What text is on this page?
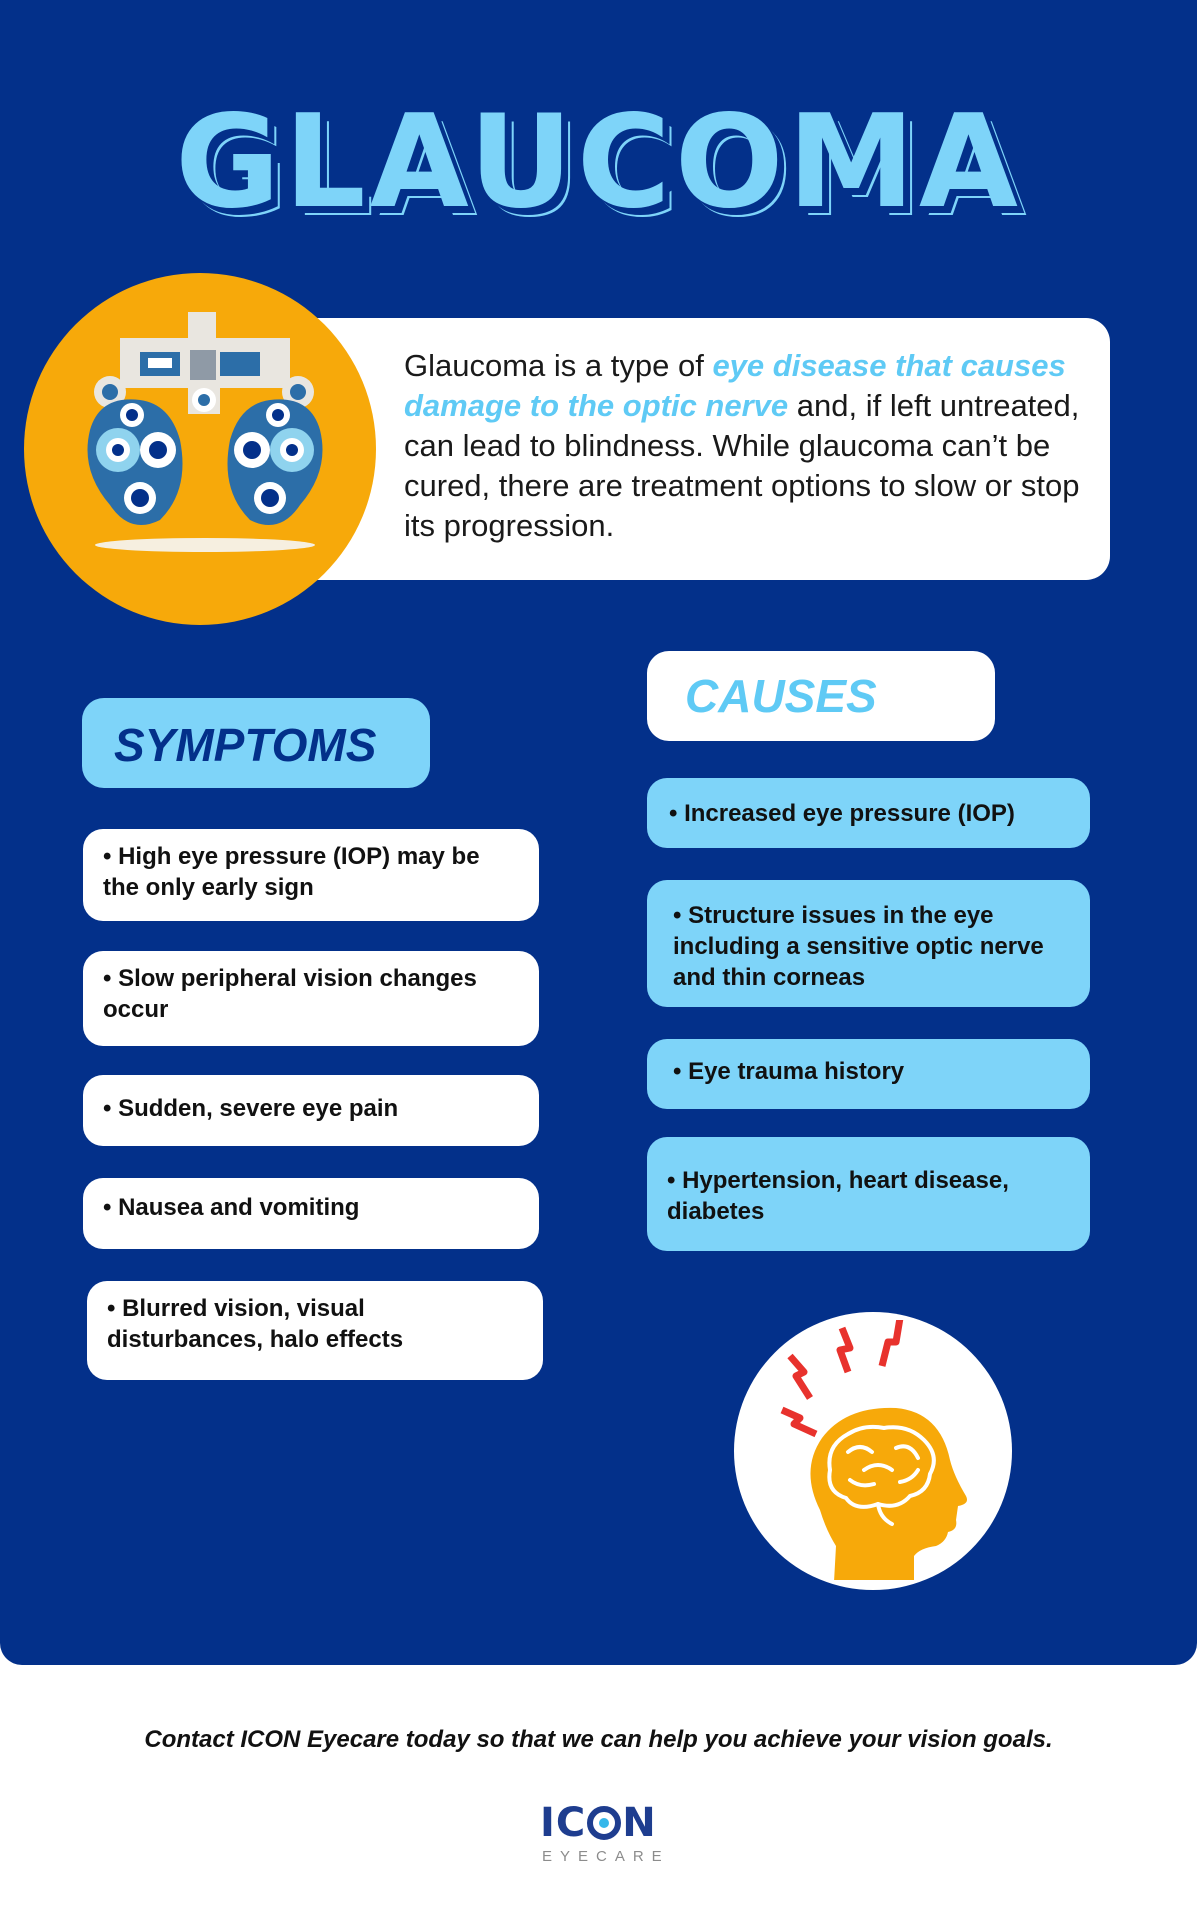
GLAUCOMA
Glaucoma is a type of eye disease that causes damage to the optic nerve and, if left untreated, can lead to blindness. While glaucoma can’t be cured, there are treatment options to slow or stop its progression.
SYMPTOMS
CAUSES
• High eye pressure (IOP) may be the only early sign
• Slow peripheral vision changes occur
• Sudden, severe eye pain
• Nausea and vomiting
• Blurred vision, visual disturbances, halo effects
• Increased eye pressure (IOP)
• Structure issues in the eye including a sensitive optic nerve and thin corneas
• Eye trauma history
• Hypertension, heart disease, diabetes
Contact ICON Eyecare today so that we can help you achieve your vision goals.
IC N
EYECARE
